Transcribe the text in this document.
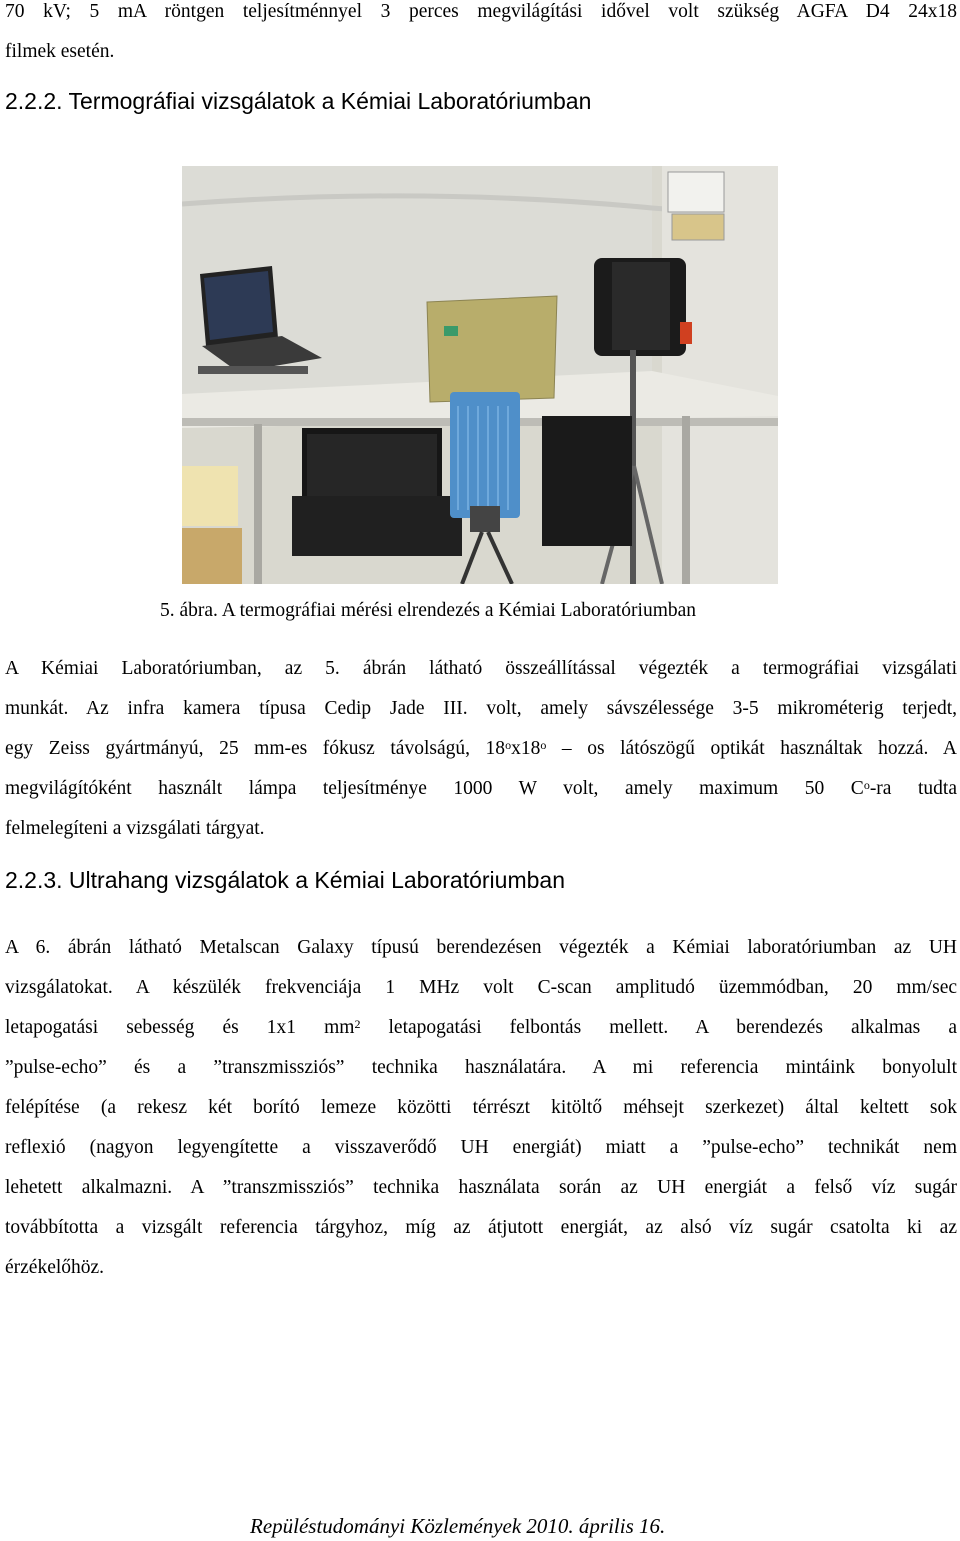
70 kV; 5 mA röntgen teljesítménnyel 3 perces megvilágítási idővel volt szükség AGFA D4 24x18
filmek esetén.
2.2.2. Termográfiai vizsgálatok a Kémiai Laboratóriumban
5. ábra. A termográfiai mérési elrendezés a Kémiai Laboratóriumban
A Kémiai Laboratóriumban, az 5. ábrán látható összeállítással végezték a termográfiai vizsgálati
munkát. Az infra kamera típusa Cedip Jade III. volt, amely sávszélessége 3-5 mikrométerig terjedt,
egy Zeiss gyártmányú, 25 mm-es fókusz távolságú, 18$^o$x18$^o$ – os látószögű optikát használtak hozzá. A
megvilágítóként használt lámpa teljesítménye 1000 W volt, amely maximum 50 $C^o-ra$ tudta
felmelegíteni a vizsgálati tárgyat.
2.2.3. Ultrahang vizsgálatok a Kémiai Laboratóriumban
A 6. ábrán látható Metalscan Galaxy típusú berendezésen végezték a Kémiai laboratóriumban az UH
vizsgálatokat. A készülék frekvenciája 1 MHz volt C-scan amplitudó üzemmódban, 20 mm/sec
letapogatási sebesség és 1x1 $mm^2$ letapogatási felbontás mellett. A berendezés alkalmas a
”pulse-echo” és a ”transzmissziós” technika használatára. A mi referencia mintáink bonyolult
felépítése (a rekesz két borító lemeze közötti térrészt kitöltő méhsejt szerkezet) által keltett sok
reflexió (nagyon legyengítette a visszaverődő UH energiát) miatt a ”pulse-echo” technikát nem
lehetett alkalmazni. A ”transzmissziós” technika használata során az UH energiát a felső víz sugár
továbbította a vizsgált referencia tárgyhoz, míg az átjutott energiát, az alsó víz sugár csatolta ki az
érzékelőhöz.
Repüléstudományi Közlemények 2010. április 16.
